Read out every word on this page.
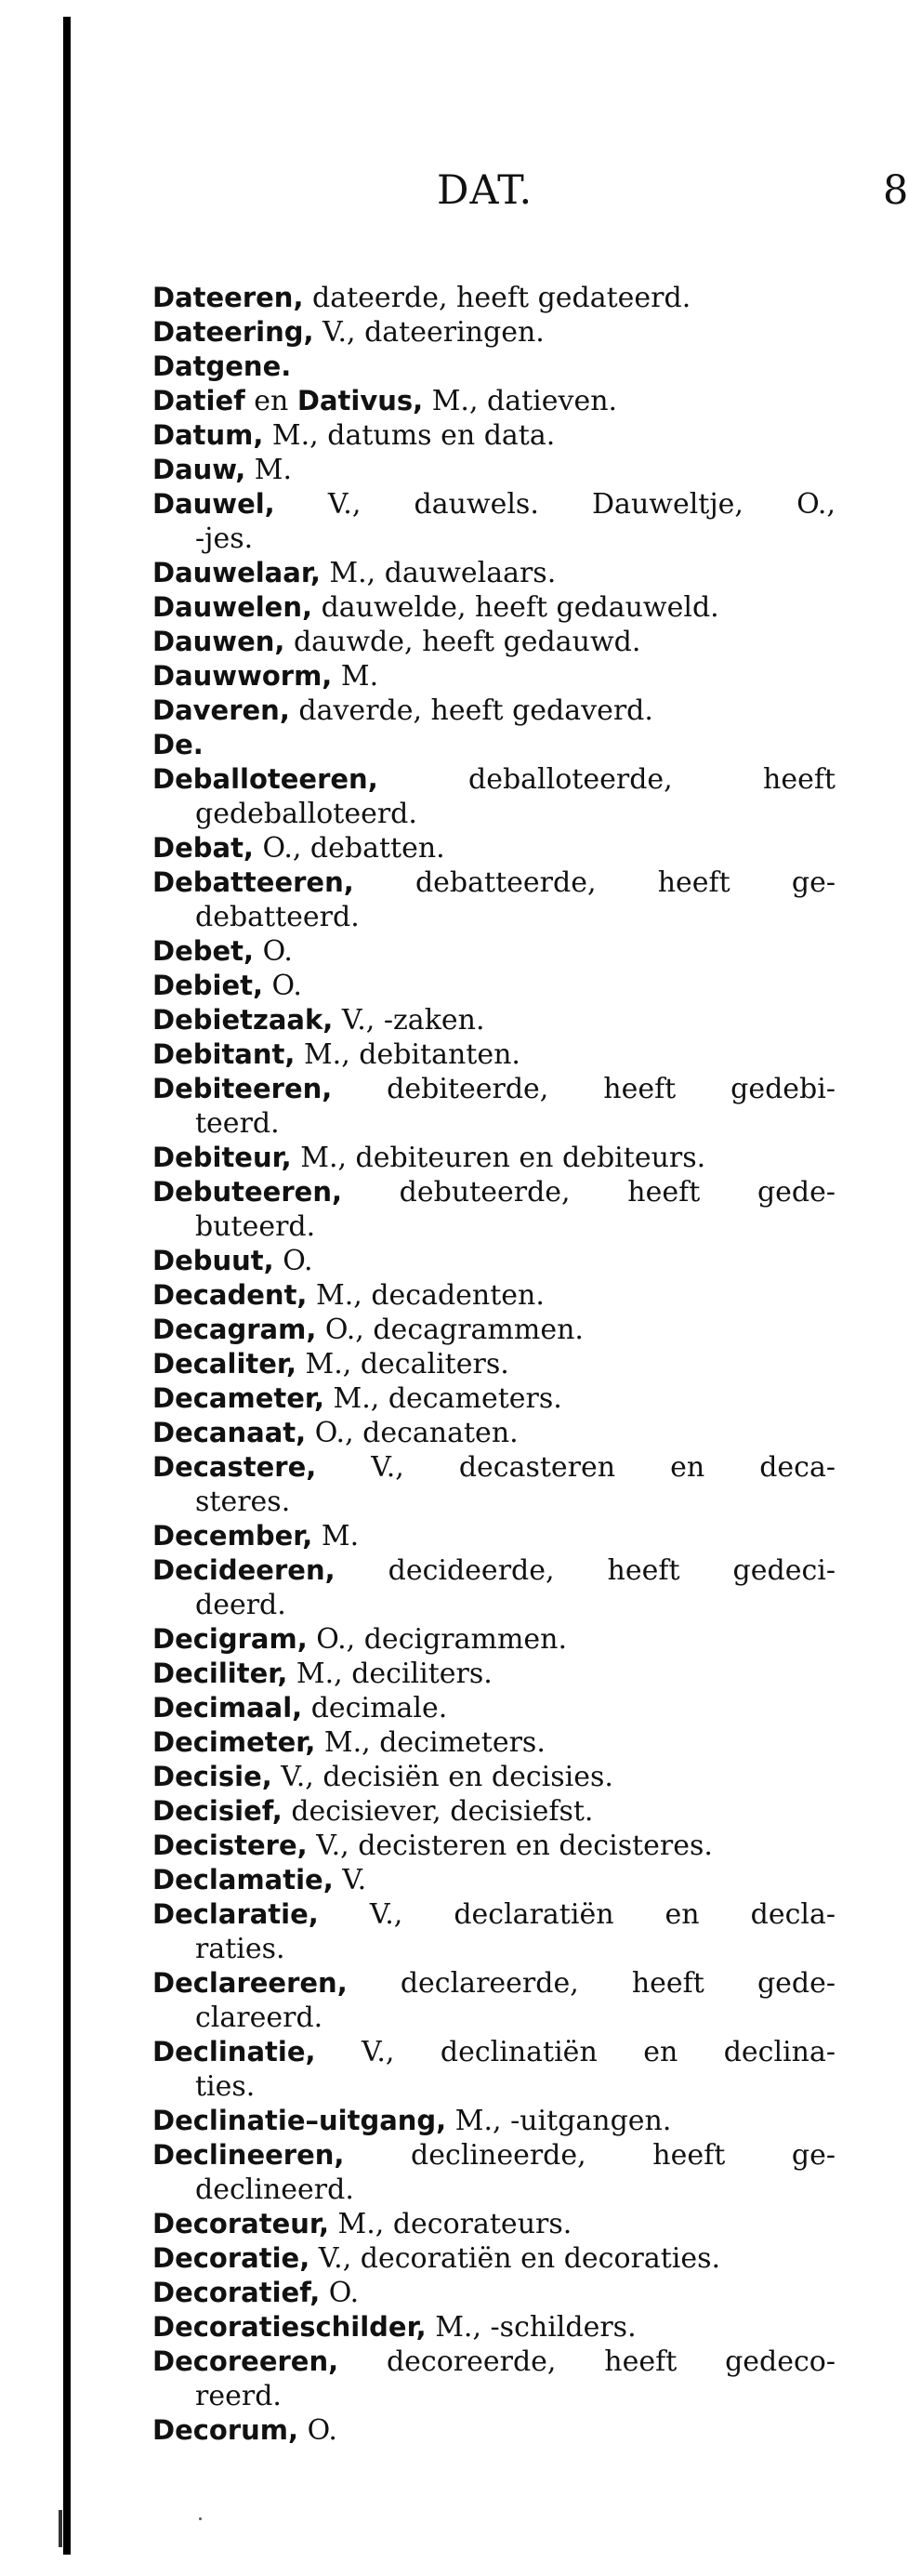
DAT.	8
Dateeren, dateerde, heeft gedateerd.
Dateering, V., dateeringen.
Datgene.
Datief en Dativus, M., datieven.
Datum, M., datums en data.
Dauw, M.
Dauwel, V., dauwels. Dauweltje, O.,
-jes.
Dauwelaar, M., dauwelaars.
Dauwelen, dauwelde, heeft gedauweld.
Dauwen, dauwde, heeft gedauwd.
Dauwworm, M.
Daveren, daverde, heeft gedaverd.
De.
Deballoteeren, deballoteerde, heeft
gedeballoteerd.
Debat, O., debatten.
Debatteeren, debatteerde, heeft ge-
debatteerd.
Debet, O.
Debiet, O.
Debietzaak, V., -zaken.
Debitant, M., debitanten.
Debiteeren, debiteerde, heeft gedebi-
teerd.
Debiteur, M., debiteuren en debiteurs.
Debuteeren, debuteerde, heeft gede-
buteerd.
Debuut, O.
Decadent, M., decadenten.
Decagram, O., decagrammen.
Decaliter, M., decaliters.
Decameter, M., decameters.
Decanaat, O., decanaten.
Decastere, V., decasteren en deca-
steres.
December, M.
Decideeren, decideerde, heeft gedeci-
deerd.
Decigram, O., decigrammen.
Deciliter, M., deciliters.
Decimaal, decimale.
Decimeter, M., decimeters.
Decisie, V., decisiën en decisies.
Decisief, decisiever, decisiefst.
Decistere, V., decisteren en decisteres.
Declamatie, V.
Declaratie, V., declaratiën en decla-
raties.
Declareeren, declareerde, heeft gede-
clareerd.
Declinatie, V., declinatiën en declina-
ties.
Declinatie–uitgang, M., -uitgangen.
Declineeren, declineerde, heeft ge-
declineerd.
Decorateur, M., decorateurs.
Decoratie, V., decoratiën en decoraties.
Decoratief, O.
Decoratieschilder, M., -schilders.
Decoreeren, decoreerde, heeft gedeco-
reerd.
Decorum, O.
